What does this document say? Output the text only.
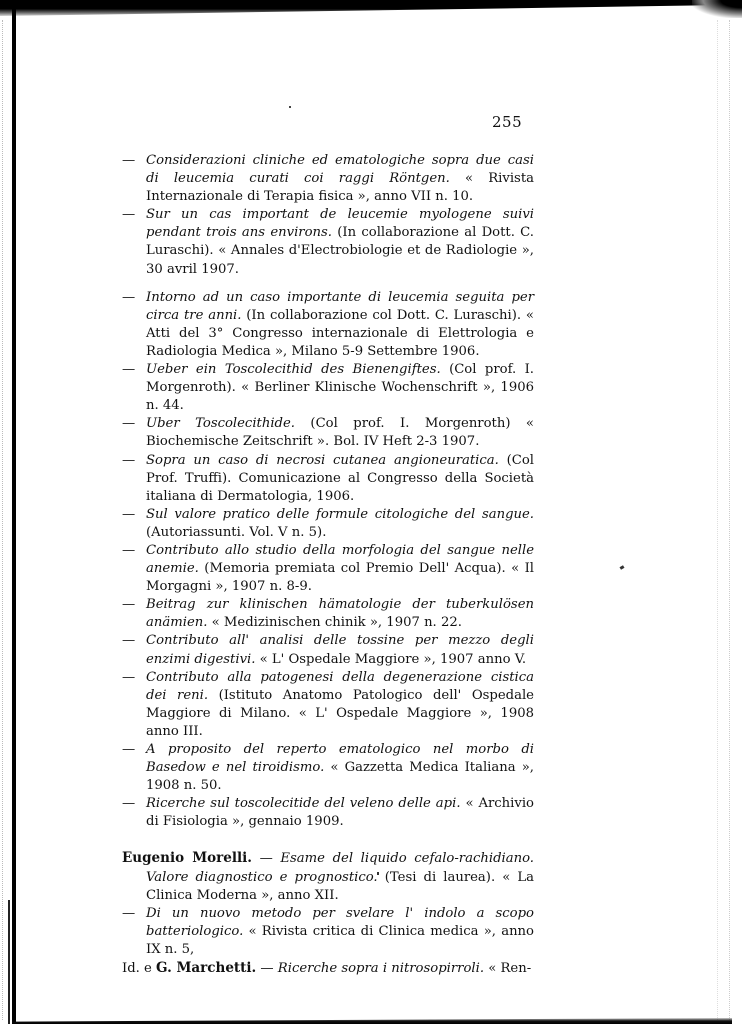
255
— Considerazioni cliniche ed ematologiche sopra due casi di leucemia curati coi raggi Röntgen. « Rivista Internazionale di Terapia fisica », anno VII n. 10.
— Sur un cas important de leucemie myologene suivi pendant trois ans environs. (In collaborazione al Dott. C. Luraschi). « Annales d'Electrobiologie et de Radiologie », 30 avril 1907.
— Intorno ad un caso importante di leucemia seguita per circa tre anni. (In collaborazione col Dott. C. Luraschi). « Atti del 3° Congresso internazionale di Elettrologia e Radiologia Medica », Milano 5-9 Settembre 1906.
— Ueber ein Toscolecithid des Bienengiftes. (Col prof. I. Morgenroth). « Berliner Klinische Wochenschrift », 1906 n. 44.
— Uber Toscolecithide. (Col prof. I. Morgenroth) « Biochemische Zeitschrift ». Bol. IV Heft 2-3 1907.
— Sopra un caso di necrosi cutanea angioneuratica. (Col Prof. Truffi). Comunicazione al Congresso della Società italiana di Dermatologia, 1906.
— Sul valore pratico delle formule citologiche del sangue. (Autoriassunti. Vol. V n. 5).
— Contributo allo studio della morfologia del sangue nelle anemie. (Memoria premiata col Premio Dell' Acqua). « Il Morgagni », 1907 n. 8-9.
— Beitrag zur klinischen hämatologie der tuberkulösen anämien. « Medizinischen chinik », 1907 n. 22.
— Contributo all' analisi delle tossine per mezzo degli enzimi digestivi. « L' Ospedale Maggiore », 1907 anno V.
— Contributo alla patogenesi della degenerazione cistica dei reni. (Istituto Anatomo Patologico dell' Ospedale Maggiore di Milano. « L' Ospedale Maggiore », 1908 anno III.
— A proposito del reperto ematologico nel morbo di Basedow e nel tiroidismo. « Gazzetta Medica Italiana », 1908 n. 50.
— Ricerche sul toscolecitide del veleno delle api. « Archivio di Fisiologia », gennaio 1909.
Eugenio Morelli. — Esame del liquido cefalo-rachidiano. Valore diagnostico e prognostico. (Tesi di laurea). « La Clinica Moderna », anno XII.
— Di un nuovo metodo per svelare l' indolo a scopo batteriologico. « Rivista critica di Clinica medica », anno IX n. 5,
Id. e G. Marchetti. — Ricerche sopra i nitrosopirroli. « Ren-
